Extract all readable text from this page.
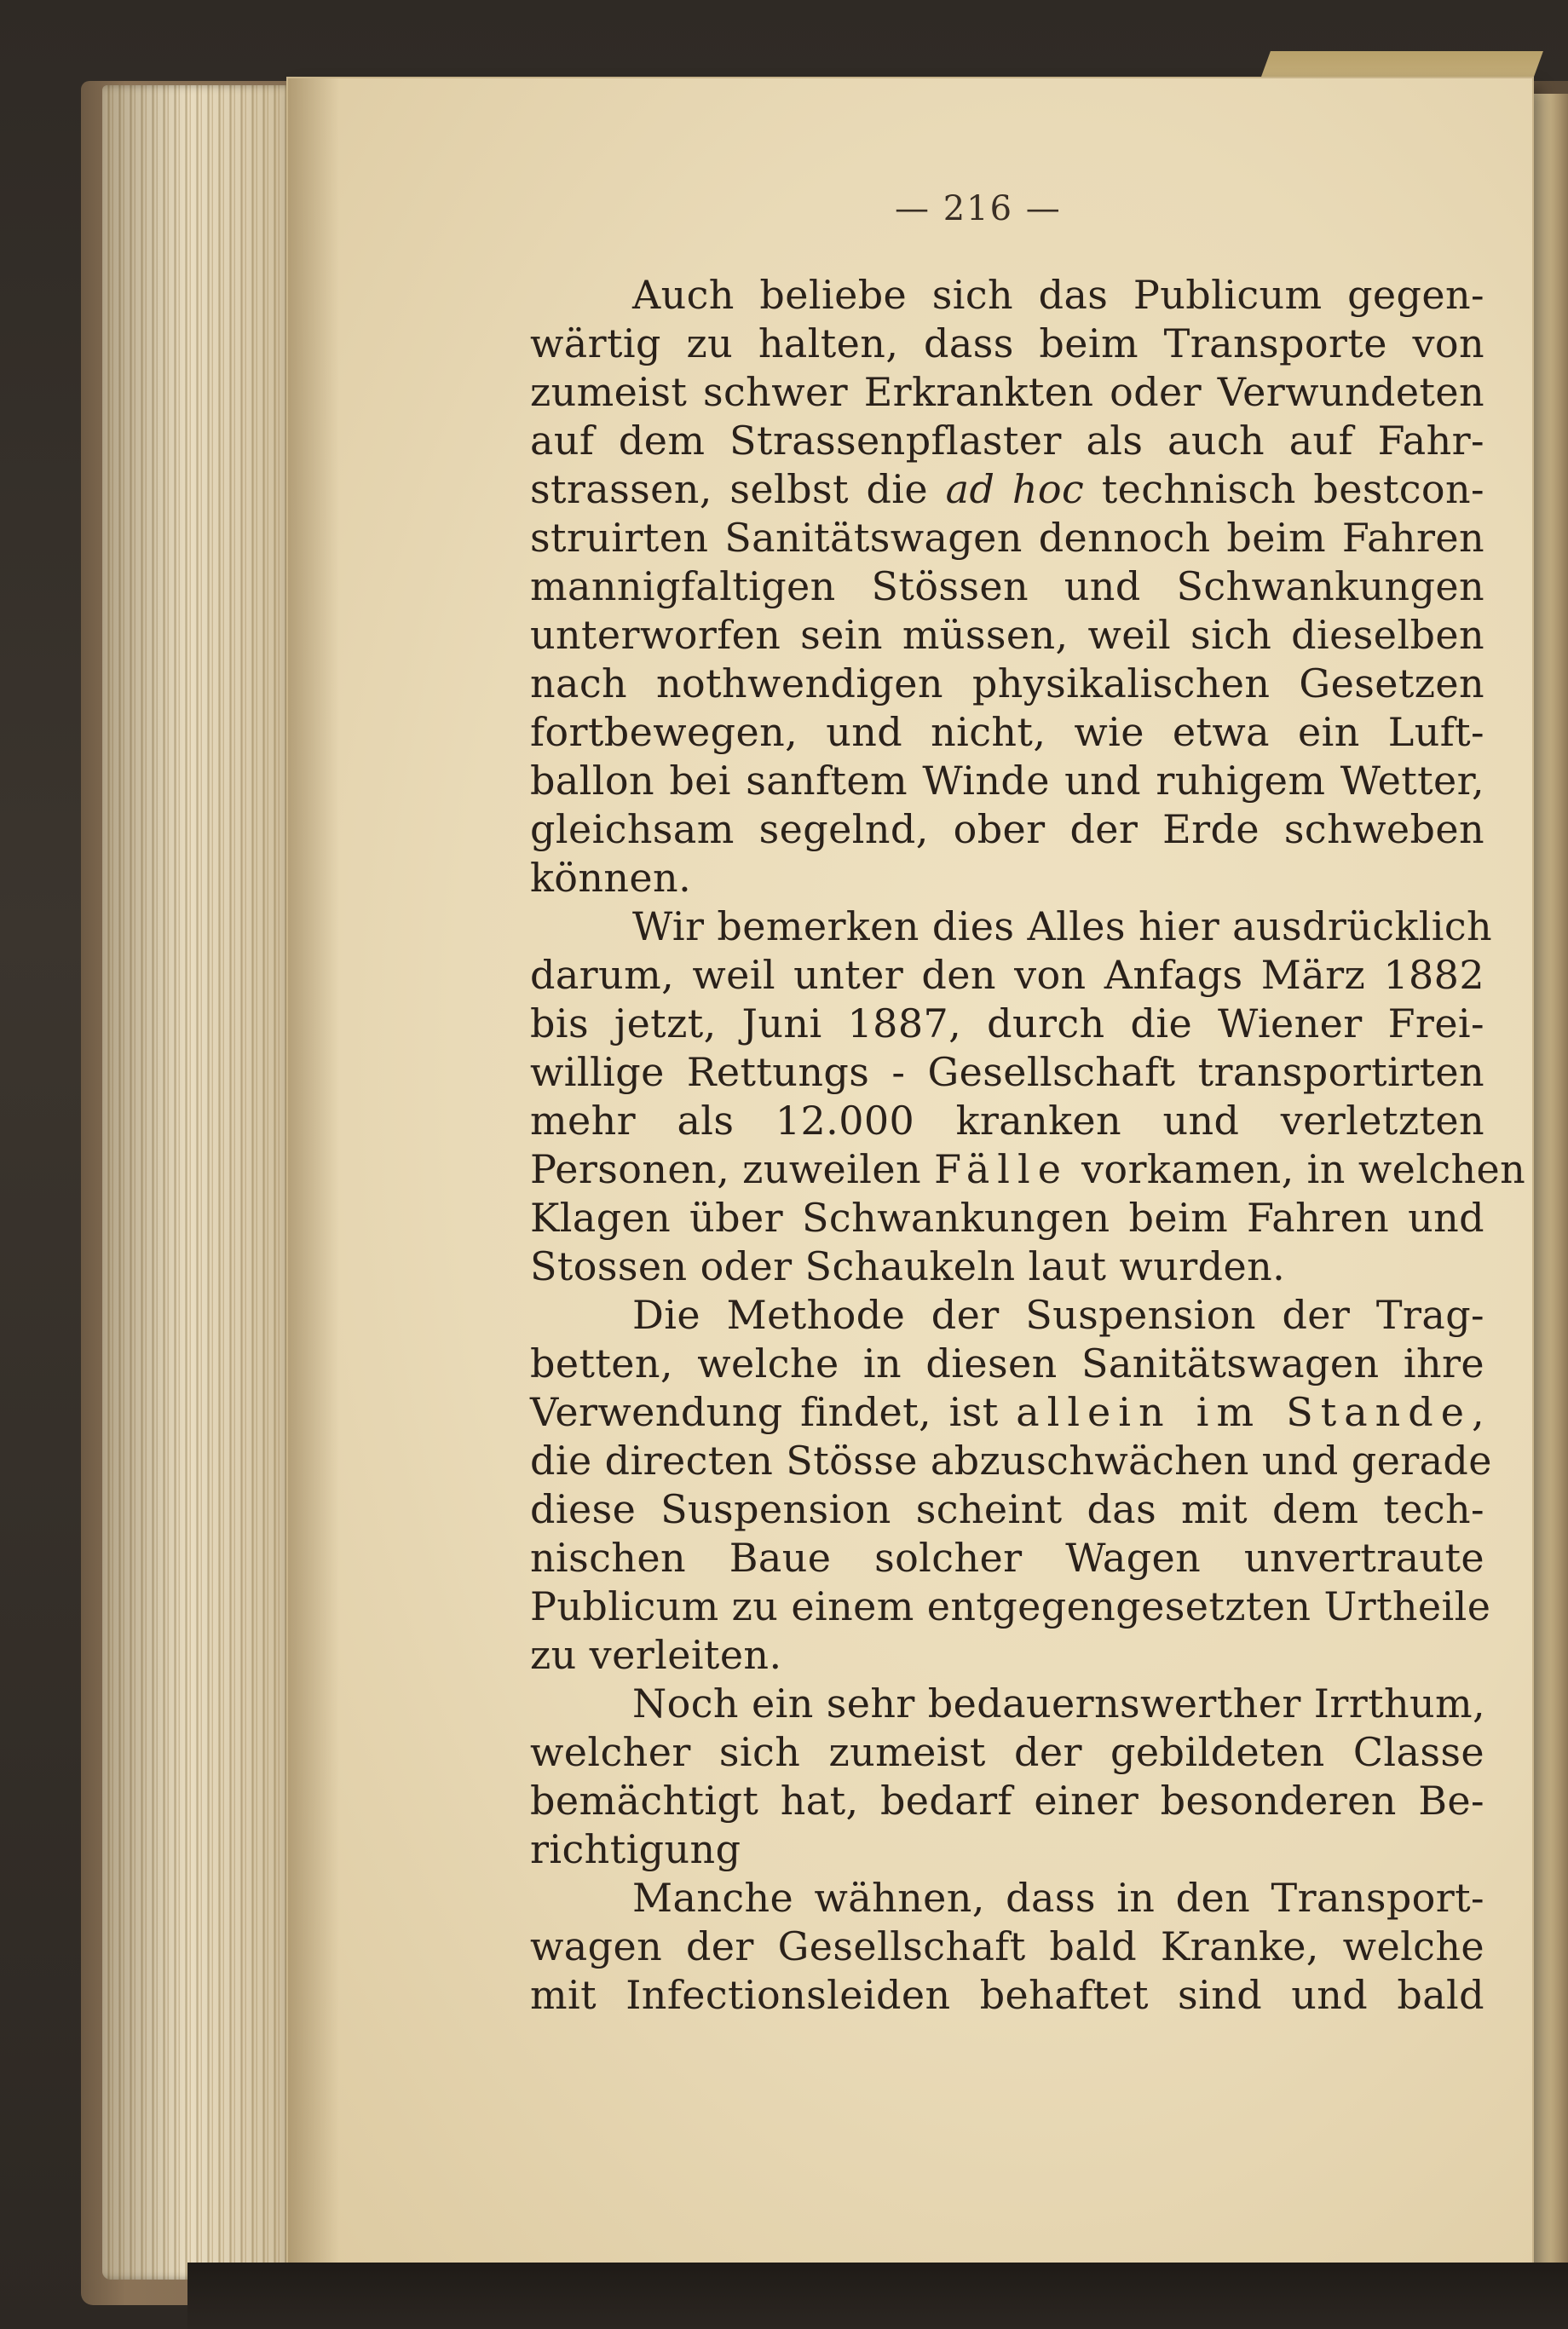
— 216 —
Auch beliebe sich das Publicum gegen-
wärtig zu halten, dass beim Transporte von
zumeist schwer Erkrankten oder Verwundeten
auf dem Strassenpflaster als auch auf Fahr-
strassen, selbst die ad hoc technisch bestcon-
struirten Sanitätswagen dennoch beim Fahren
mannigfaltigen Stössen und Schwankungen
unterworfen sein müssen, weil sich dieselben
nach nothwendigen physikalischen Gesetzen
fortbewegen, und nicht, wie etwa ein Luft-
ballon bei sanftem Winde und ruhigem Wetter,
gleichsam segelnd, ober der Erde schweben
können.
Wir bemerken dies Alles hier ausdrücklich
darum, weil unter den von Anfags März 1882
bis jetzt, Juni 1887, durch die Wiener Frei-
willige Rettungs - Gesellschaft transportirten
mehr als 12.000 kranken und verletzten
Personen, zuweilen Fälle vorkamen, in welchen
Klagen über Schwankungen beim Fahren und
Stossen oder Schaukeln laut wurden.
Die Methode der Suspension der Trag-
betten, welche in diesen Sanitätswagen ihre
Verwendung findet, ist allein im Stande,
die directen Stösse abzuschwächen und gerade
diese Suspension scheint das mit dem tech-
nischen Baue solcher Wagen unvertraute
Publicum zu einem entgegengesetzten Urtheile
zu verleiten.
Noch ein sehr bedauernswerther Irrthum,
welcher sich zumeist der gebildeten Classe
bemächtigt hat, bedarf einer besonderen Be-
richtigung
Manche wähnen, dass in den Transport-
wagen der Gesellschaft bald Kranke, welche
mit Infectionsleiden behaftet sind und bald
